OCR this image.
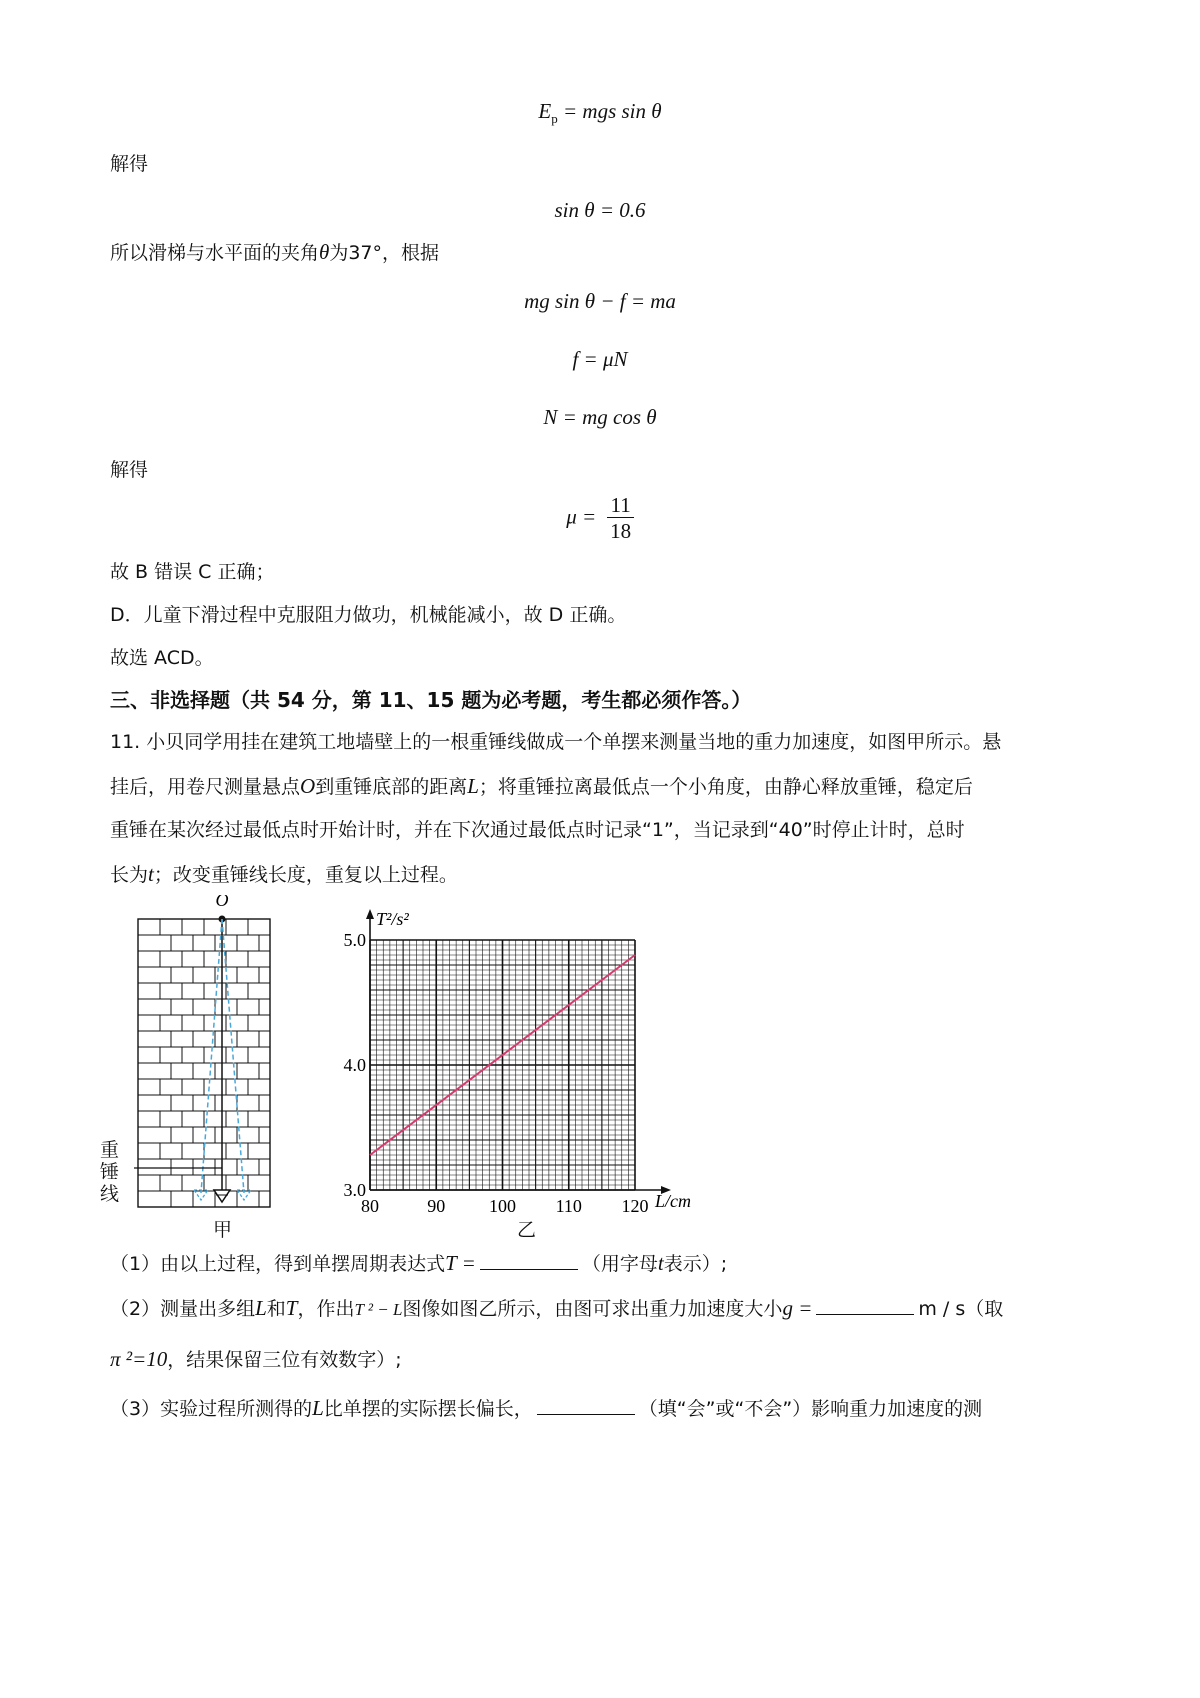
$E_p$ = mgs sin θ
解得
sin θ = 0.6
所以滑梯与水平面的夹角θ为37°，根据
mg sin θ − f = ma
f = μN
N = mg cos θ
解得
$\mu = \frac{11}{18}$
故 B 错误 C 正确；
D．儿童下滑过程中克服阻力做功，机械能减小，故 D 正确。
故选 ACD。
三、非选择题（共 54 分，第 11、15 题为必考题，考生都必须作答。）
11. 小贝同学用挂在建筑工地墙壁上的一根重锤线做成一个单摆来测量当地的重力加速度，如图甲所示。悬
挂后，用卷尺测量悬点O到重锤底部的距离L；将重锤拉离最低点一个小角度，由静心释放重锤，稳定后
重锤在某次经过最低点时开始计时，并在下次通过最低点时记录“1”，当记录到“40”时停止计时，总时
长为t；改变重锤线长度，重复以上过程。
O
重
锤
线
甲
80	90 100 110 120
3.0
4.0
5.0
T²/s²
L/cm
乙
（1）由以上过程，得到单摆周期表达式T =	（用字母t表示）;
（2）测量出多组L和T，作出T ² − L图像如图乙所示，由图可求出重力加速度大小g =	m / s（取
π ²=10，结果保留三位有效数字）;
（3）实验过程所测得的L比单摆的实际摆长偏长，	（填“会”或“不会”）影响重力加速度的测
